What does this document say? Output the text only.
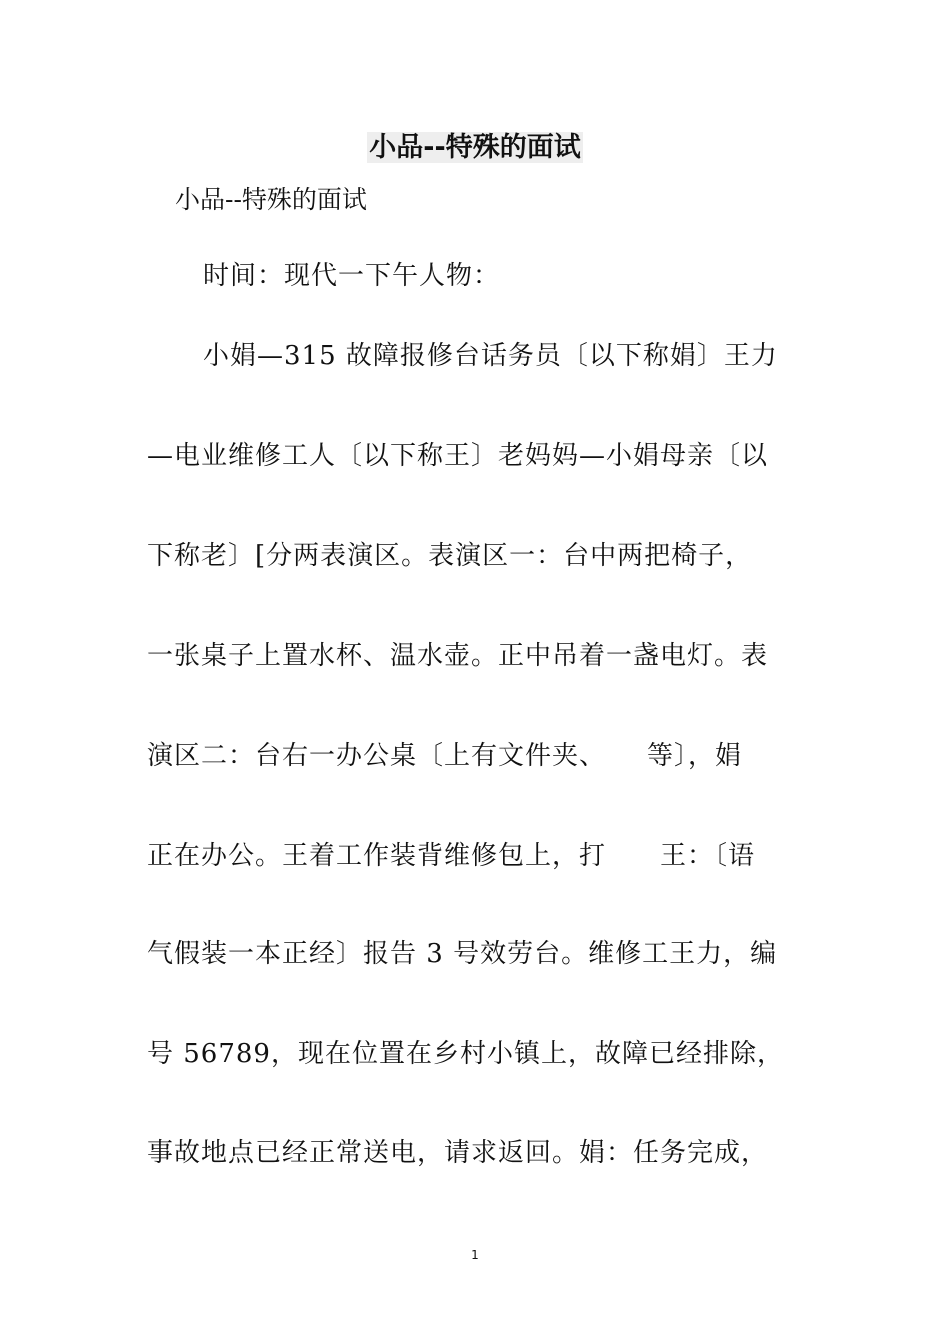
小品--特殊的面试
小品--特殊的面试
时间：现代一下午人物：
小娟—315 故障报修台话务员〔以下称娟〕王力
—电业维修工人〔以下称王〕老妈妈—小娟母亲〔以
下称老〕[分两表演区。表演区一：台中两把椅子，
一张桌子上置水杯、温水壶。正中吊着一盏电灯。表
演区二：台右一办公桌〔上有文件夹、　　等〕，娟
正在办公。王着工作装背维修包上，打　　王：〔语
气假装一本正经〕报告 3 号效劳台。维修工王力，编
号 56789，现在位置在乡村小镇上，故障已经排除，
事故地点已经正常送电，请求返回。娟：任务完成，
1
